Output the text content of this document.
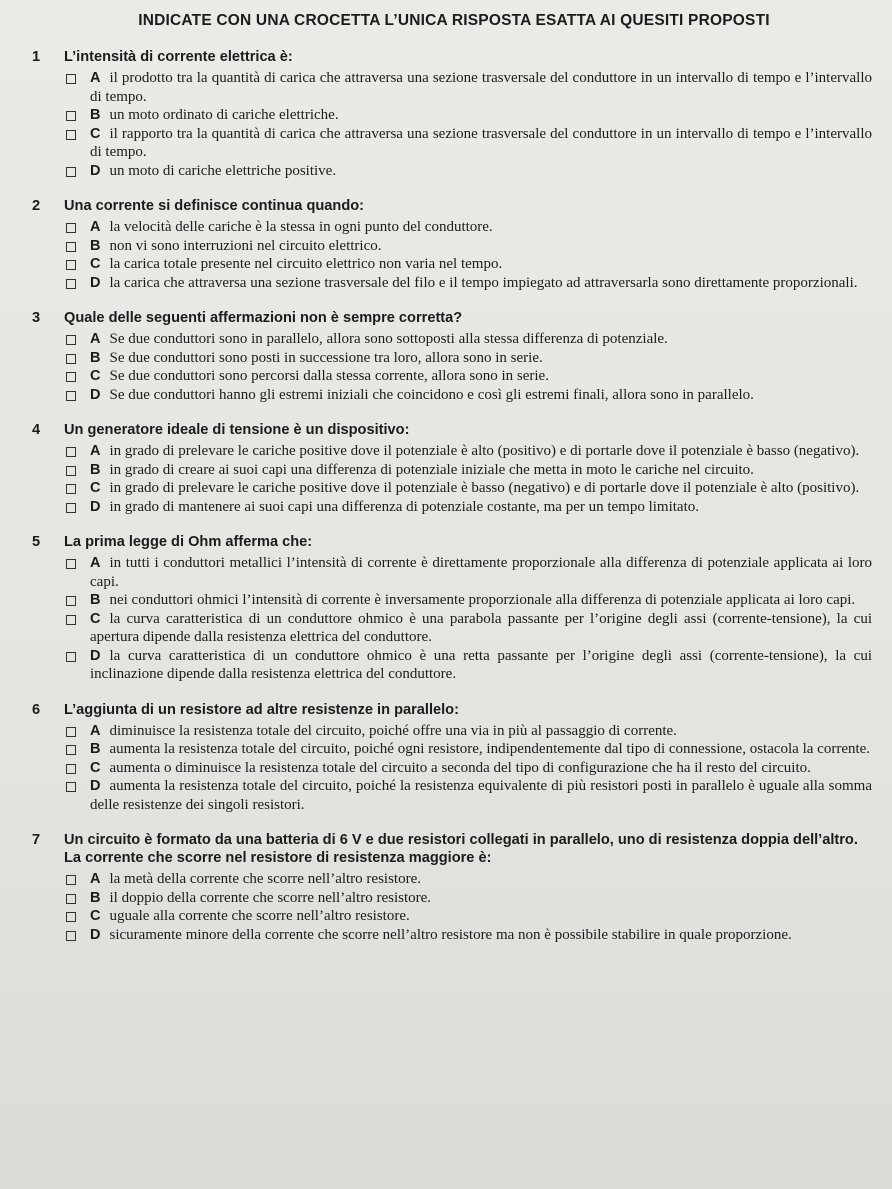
INDICATE CON UNA CROCETTA L’UNICA RISPOSTA ESATTA AI QUESITI PROPOSTI
1	L’intensità di corrente elettrica è:
A il prodotto tra la quantità di carica che attraversa una sezione trasversale del conduttore in un intervallo di tempo e l’intervallo di tempo.
B un moto ordinato di cariche elettriche.
C il rapporto tra la quantità di carica che attraversa una sezione trasversale del conduttore in un intervallo di tempo e l’intervallo di tempo.
D un moto di cariche elettriche positive.
2	Una corrente si definisce continua quando:
A la velocità delle cariche è la stessa in ogni punto del conduttore.
B non vi sono interruzioni nel circuito elettrico.
C la carica totale presente nel circuito elettrico non varia nel tempo.
D la carica che attraversa una sezione trasversale del filo e il tempo impiegato ad attraversarla sono direttamente proporzionali.
3	Quale delle seguenti affermazioni non è sempre corretta?
A Se due conduttori sono in parallelo, allora sono sottoposti alla stessa differenza di potenziale.
B Se due conduttori sono posti in successione tra loro, allora sono in serie.
C Se due conduttori sono percorsi dalla stessa corrente, allora sono in serie.
D Se due conduttori hanno gli estremi iniziali che coincidono e così gli estremi finali, allora sono in parallelo.
4	Un generatore ideale di tensione è un dispositivo:
A in grado di prelevare le cariche positive dove il potenziale è alto (positivo) e di portarle dove il potenziale è basso (negativo).
B in grado di creare ai suoi capi una differenza di potenziale iniziale che metta in moto le cariche nel circuito.
C in grado di prelevare le cariche positive dove il potenziale è basso (negativo) e di portarle dove il potenziale è alto (positivo).
D in grado di mantenere ai suoi capi una differenza di potenziale costante, ma per un tempo limitato.
5	La prima legge di Ohm afferma che:
A in tutti i conduttori metallici l’intensità di corrente è direttamente proporzionale alla differenza di potenziale applicata ai loro capi.
B nei conduttori ohmici l’intensità di corrente è inversamente proporzionale alla differenza di potenziale applicata ai loro capi.
C la curva caratteristica di un conduttore ohmico è una parabola passante per l’origine degli assi (corrente-tensione), la cui apertura dipende dalla resistenza elettrica del conduttore.
D la curva caratteristica di un conduttore ohmico è una retta passante per l’origine degli assi (corrente-tensione), la cui inclinazione dipende dalla resistenza elettrica del conduttore.
6	L’aggiunta di un resistore ad altre resistenze in parallelo:
A diminuisce la resistenza totale del circuito, poiché offre una via in più al passaggio di corrente.
B aumenta la resistenza totale del circuito, poiché ogni resistore, indipendentemente dal tipo di connessione, ostacola la corrente.
C aumenta o diminuisce la resistenza totale del circuito a seconda del tipo di configurazione che ha il resto del circuito.
D aumenta la resistenza totale del circuito, poiché la resistenza equivalente di più resistori posti in parallelo è uguale alla somma delle resistenze dei singoli resistori.
7	Un circuito è formato da una batteria di 6 V e due resistori collegati in parallelo, uno di resistenza doppia dell’altro. La corrente che scorre nel resistore di resistenza maggiore è:
A la metà della corrente che scorre nell’altro resistore.
B il doppio della corrente che scorre nell’altro resistore.
C uguale alla corrente che scorre nell’altro resistore.
D sicuramente minore della corrente che scorre nell’altro resistore ma non è possibile stabilire in quale proporzione.
